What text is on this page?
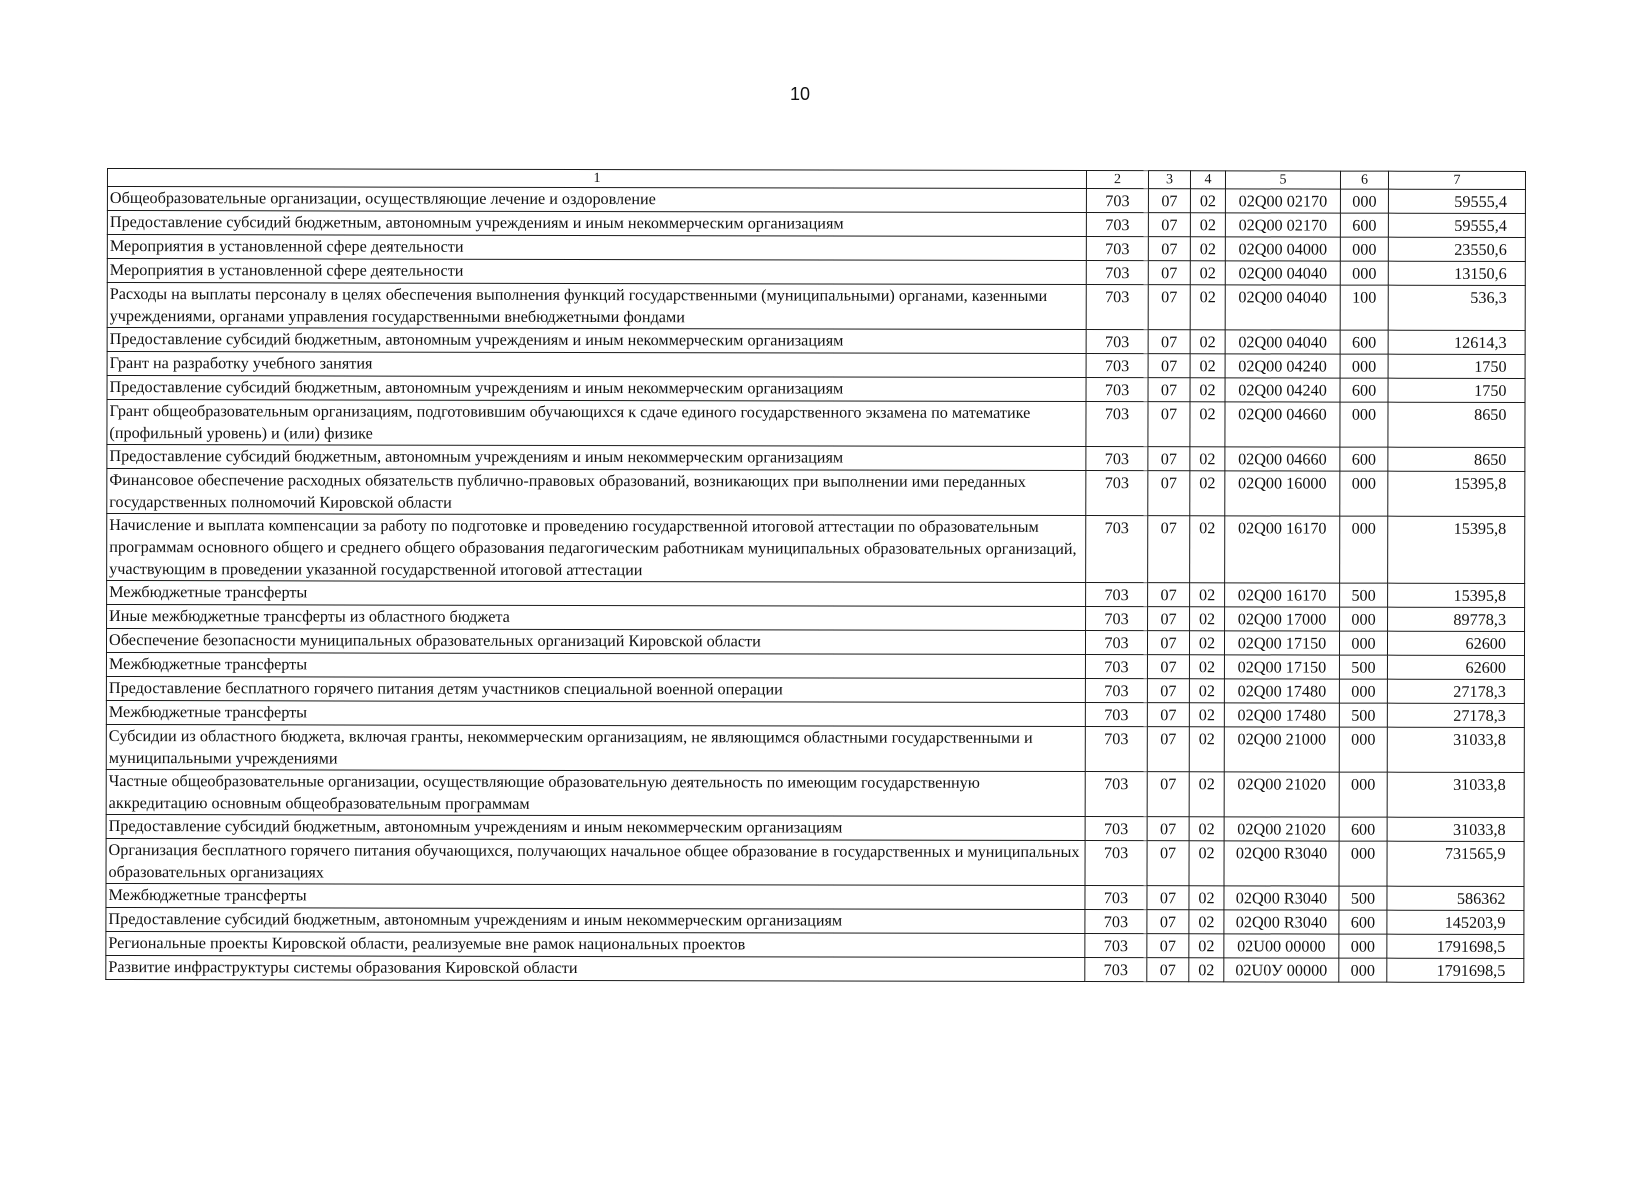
10
1	2	3	4	5	6	7
Общеобразовательные организации, осуществляющие лечение и оздоровление	703	07	02	02Q00 02170	000	59555,4
Предоставление субсидий бюджетным, автономным учреждениям и иным некоммерческим организациям	703	07	02	02Q00 02170	600	59555,4
Мероприятия в установленной сфере деятельности	703	07	02	02Q00 04000	000	23550,6
Мероприятия в установленной сфере деятельности	703	07	02	02Q00 04040	000	13150,6
Расходы на выплаты персоналу в целях обеспечения выполнения функций государственными (муниципальными) органами, казенными учреждениями, органами управления государственными внебюджетными фондами	703	07	02	02Q00 04040	100	536,3
Предоставление субсидий бюджетным, автономным учреждениям и иным некоммерческим организациям	703	07	02	02Q00 04040	600	12614,3
Грант на разработку учебного занятия	703	07	02	02Q00 04240	000	1750
Предоставление субсидий бюджетным, автономным учреждениям и иным некоммерческим организациям	703	07	02	02Q00 04240	600	1750
Грант общеобразовательным организациям, подготовившим обучающихся к сдаче единого государственного экзамена по математике (профильный уровень) и (или) физике	703	07	02	02Q00 04660	000	8650
Предоставление субсидий бюджетным, автономным учреждениям и иным некоммерческим организациям	703	07	02	02Q00 04660	600	8650
Финансовое обеспечение расходных обязательств публично-правовых образований, возникающих при выполнении ими переданных государственных полномочий Кировской области	703	07	02	02Q00 16000	000	15395,8
Начисление и выплата компенсации за работу по подготовке и проведению государственной итоговой аттестации по образовательным программам основного общего и среднего общего образования педагогическим работникам муниципальных образовательных организаций, участвующим в проведении указанной государственной итоговой аттестации	703	07	02	02Q00 16170	000	15395,8
Межбюджетные трансферты	703	07	02	02Q00 16170	500	15395,8
Иные межбюджетные трансферты из областного бюджета	703	07	02	02Q00 17000	000	89778,3
Обеспечение безопасности муниципальных образовательных организаций Кировской области	703	07	02	02Q00 17150	000	62600
Межбюджетные трансферты	703	07	02	02Q00 17150	500	62600
Предоставление бесплатного горячего питания детям участников специальной военной операции	703	07	02	02Q00 17480	000	27178,3
Межбюджетные трансферты	703	07	02	02Q00 17480	500	27178,3
Субсидии из областного бюджета, включая гранты, некоммерческим организациям, не являющимся областными государственными и муниципальными учреждениями	703	07	02	02Q00 21000	000	31033,8
Частные общеобразовательные организации, осуществляющие образовательную деятельность по имеющим государственную аккредитацию основным общеобразовательным программам	703	07	02	02Q00 21020	000	31033,8
Предоставление субсидий бюджетным, автономным учреждениям и иным некоммерческим организациям	703	07	02	02Q00 21020	600	31033,8
Организация бесплатного горячего питания обучающихся, получающих начальное общее образование в государственных и муниципальных образовательных организациях	703	07	02	02Q00 R3040	000	731565,9
Межбюджетные трансферты	703	07	02	02Q00 R3040	500	586362
Предоставление субсидий бюджетным, автономным учреждениям и иным некоммерческим организациям	703	07	02	02Q00 R3040	600	145203,9
Региональные проекты Кировской области, реализуемые вне рамок национальных проектов	703	07	02	02U00 00000	000	1791698,5
Развитие инфраструктуры системы образования Кировской области	703	07	02	02U0У 00000	000	1791698,5
